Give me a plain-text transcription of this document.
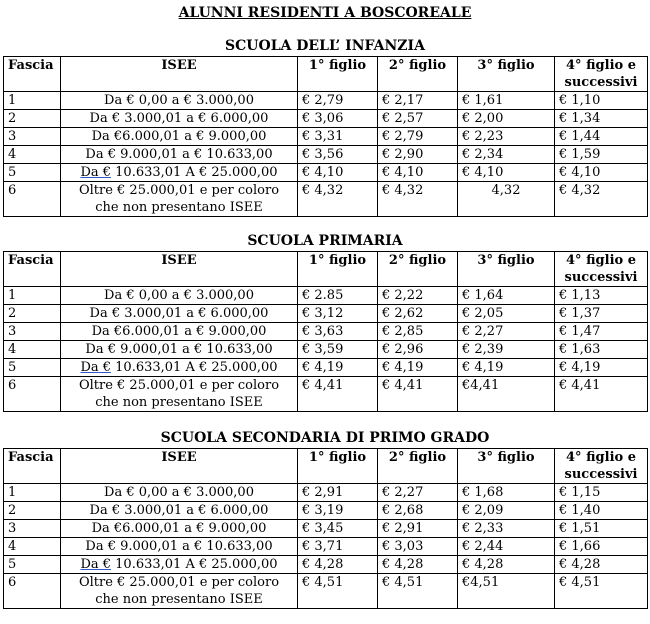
ALUNNI RESIDENTI A BOSCOREALE
SCUOLA DELL’ INFANZIA
Fascia	ISEE	1° figlio	2° figlio	3° figlio	4° figlio e
successivi
1	Da € 0,00 a € 3.000,00	€ 2,79	€ 2,17	€ 1,61	€ 1,10
2	Da € 3.000,01 a € 6.000,00	€ 3,06	€ 2,57	€ 2,00	€ 1,34
3	Da €6.000,01 a € 9.000,00	€ 3,31	€ 2,79	€ 2,23	€ 1,44
4	Da € 9.000,01 a € 10.633,00	€ 3,56	€ 2,90	€ 2,34	€ 1,59
5	Da € 10.633,01 A € 25.000,00	€ 4,10	€ 4,10	€ 4,10	€ 4,10
6	Oltre € 25.000,01 e per coloro
che non presentano ISEE	€ 4,32	€ 4,32	4,32	€ 4,32
SCUOLA PRIMARIA
Fascia	ISEE	1° figlio	2° figlio	3° figlio	4° figlio e
successivi
1	Da € 0,00 a € 3.000,00	€ 2.85	€ 2,22	€ 1,64	€ 1,13
2	Da € 3.000,01 a € 6.000,00	€ 3,12	€ 2,62	€ 2,05	€ 1,37
3	Da €6.000,01 a € 9.000,00	€ 3,63	€ 2,85	€ 2,27	€ 1,47
4	Da € 9.000,01 a € 10.633,00	€ 3,59	€ 2,96	€ 2,39	€ 1,63
5	Da € 10.633,01 A € 25.000,00	€ 4,19	€ 4,19	€ 4,19	€ 4,19
6	Oltre € 25.000,01 e per coloro
che non presentano ISEE	€ 4,41	€ 4,41	€4,41	€ 4,41
SCUOLA SECONDARIA DI PRIMO GRADO
Fascia	ISEE	1° figlio	2° figlio	3° figlio	4° figlio e
successivi
1	Da € 0,00 a € 3.000,00	€ 2,91	€ 2,27	€ 1,68	€ 1,15
2	Da € 3.000,01 a € 6.000,00	€ 3,19	€ 2,68	€ 2,09	€ 1,40
3	Da €6.000,01 a € 9.000,00	€ 3,45	€ 2,91	€ 2,33	€ 1,51
4	Da € 9.000,01 a € 10.633,00	€ 3,71	€ 3,03	€ 2,44	€ 1,66
5	Da € 10.633,01 A € 25.000,00	€ 4,28	€ 4,28	€ 4,28	€ 4,28
6	Oltre € 25.000,01 e per coloro
che non presentano ISEE	€ 4,51	€ 4,51	€4,51	€ 4,51
